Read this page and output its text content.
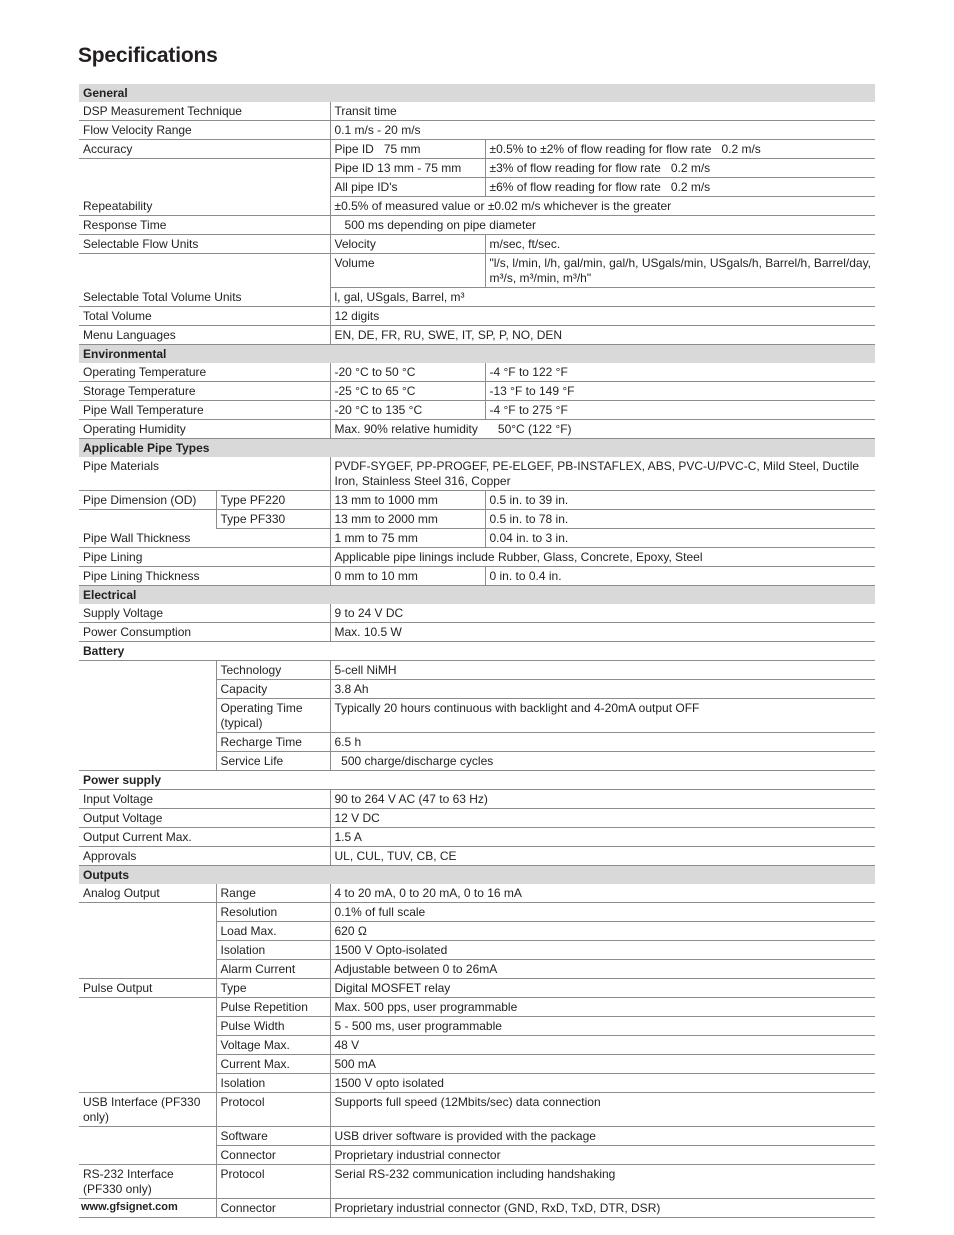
Specifications
General			
DSP Measurement Technique		Transit time	
Flow Velocity Range		0.1 m/s - 20 m/s	
Accuracy		Pipe ID   75 mm	±0.5% to ±2% of flow reading for flow rate   0.2 m/s
		Pipe ID 13 mm - 75 mm	±3% of flow reading for flow rate   0.2 m/s
		All pipe ID's	±6% of flow reading for flow rate   0.2 m/s
Repeatability		±0.5% of measured value or ±0.02 m/s whichever is the greater	
Response Time		500 ms depending on pipe diameter	
Selectable Flow Units		Velocity	m/sec, ft/sec.
		Volume	"l/s, l/min, l/h, gal/min, gal/h, USgals/min, USgals/h, Barrel/h, Barrel/day, m³/s, m³/min, m³/h"
Selectable Total Volume Units		l, gal, USgals, Barrel, m³	
Total Volume		12 digits	
Menu Languages		EN, DE, FR, RU, SWE, IT, SP, P, NO, DEN	
Environmental			
Operating Temperature		-20 °C to 50 °C	-4 °F to 122 °F
Storage Temperature		-25 °C to 65 °C	-13 °F to 149 °F
Pipe Wall Temperature		-20 °C to 135 °C	-4 °F to 275 °F
Operating Humidity		Max. 90% relative humidity      50°C (122 °F)	
Applicable Pipe Types			
Pipe Materials		PVDF-SYGEF, PP-PROGEF, PE-ELGEF, PB-INSTAFLEX, ABS, PVC-U/PVC-C, Mild Steel, Ductile Iron, Stainless Steel 316, Copper	
Pipe Dimension (OD)	Type PF220	13 mm to 1000 mm	0.5 in. to 39 in.
	Type PF330	13 mm to 2000 mm	0.5 in. to 78 in.
Pipe Wall Thickness		1 mm to 75 mm	0.04 in. to 3 in.
Pipe Lining		Applicable pipe linings include Rubber, Glass, Concrete, Epoxy, Steel	
Pipe Lining Thickness		0 mm to 10 mm	0 in. to 0.4 in.
Electrical			
Supply Voltage		9 to 24 V DC	
Power Consumption		Max. 10.5 W	
Battery			
	Technology	5-cell NiMH	
	Capacity	3.8 Ah	
	Operating Time (typical)	Typically 20 hours continuous with backlight and 4-20mA output OFF	
	Recharge Time	6.5 h	
	Service Life	500 charge/discharge cycles	
Power supply			
Input Voltage		90 to 264 V AC (47 to 63 Hz)	
Output Voltage		12 V DC	
Output Current Max.		1.5 A	
Approvals		UL, CUL, TUV, CB, CE	
Outputs			
Analog Output	Range	4 to 20 mA, 0 to 20 mA, 0 to 16 mA	
	Resolution	0.1% of full scale	
	Load Max.	620 Ω	
	Isolation	1500 V Opto-isolated	
	Alarm Current	Adjustable between 0 to 26mA	
Pulse Output	Type	Digital MOSFET relay	
	Pulse Repetition	Max. 500 pps, user programmable	
	Pulse Width	5 - 500 ms, user programmable	
	Voltage Max.	48 V	
	Current Max.	500 mA	
	Isolation	1500 V opto isolated	
USB Interface (PF330 only)	Protocol	Supports full speed (12Mbits/sec) data connection	
	Software	USB driver software is provided with the package	
	Connector	Proprietary industrial connector	
RS-232 Interface (PF330 only)	Protocol	Serial RS-232 communication including handshaking	
	Connector	Proprietary industrial connector (GND, RxD, TxD, DTR, DSR)	
www.gfsignet.com
